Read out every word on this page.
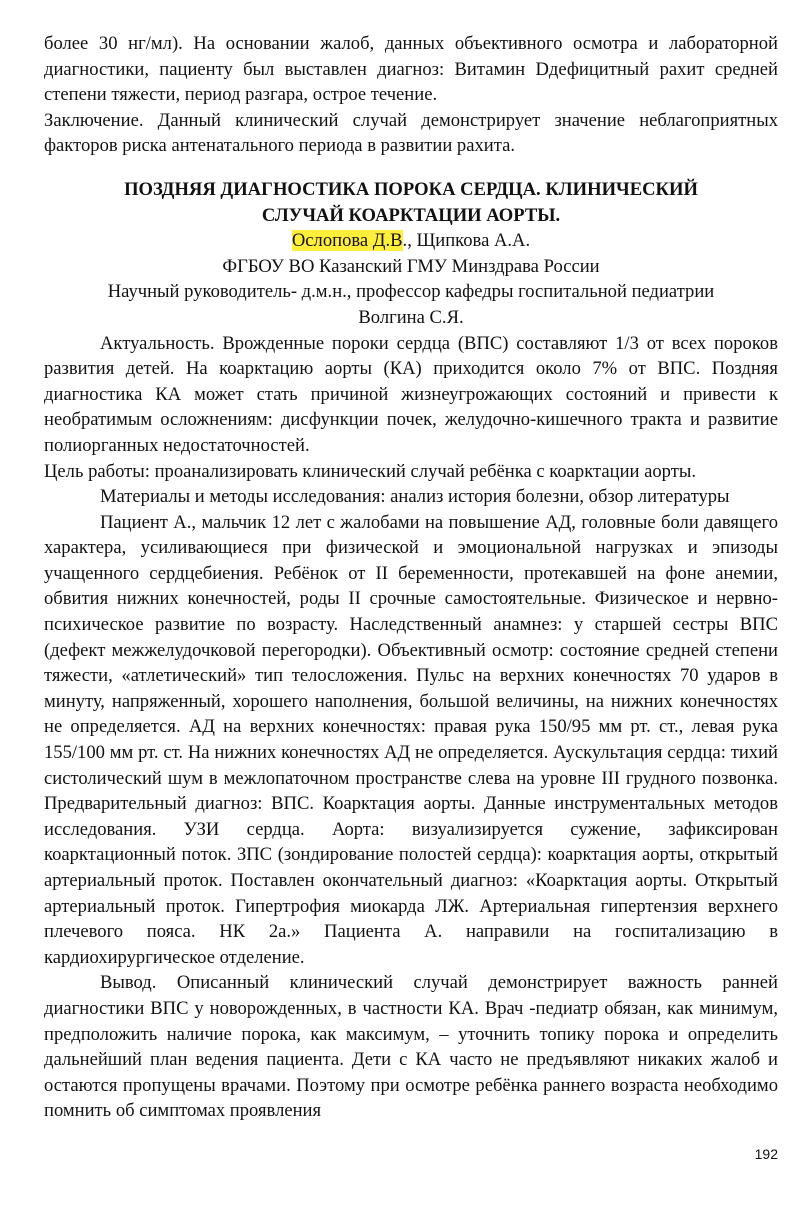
более 30 нг/мл). На основании жалоб, данных объективного осмотра и лабораторной диагностики, пациенту был выставлен диагноз: Витамин Dдефицитный рахит средней степени тяжести, период разгара, острое течение.

Заключение. Данный клинический случай демонстрирует значение неблагоприятных факторов риска антенатального периода в развитии рахита.

ПОЗДНЯЯ ДИАГНОСТИКА ПОРОКА СЕРДЦА. КЛИНИЧЕСКИЙ
СЛУЧАЙ КОАРКТАЦИИ АОРТЫ.

Ослопова Д.В., Щипкова А.А.

ФГБОУ ВО Казанский ГМУ Минздрава России

Научный руководитель- д.м.н., профессор кафедры госпитальной педиатрии
Волгина С.Я.

Актуальность. Врожденные пороки сердца (ВПС) составляют 1/3 от всех пороков развития детей. На коарктацию аорты (КА) приходится около 7% от ВПС. Поздняя диагностика КА может стать причиной жизнеугрожающих состояний и привести к необратимым осложнениям: дисфункции почек, желудочно-кишечного тракта и развитие полиорганных недостаточностей.

Цель работы: проанализировать клинический случай ребёнка с коарктации аорты.

Материалы и методы исследования: анализ история болезни, обзор литературы

Пациент А., мальчик 12 лет с жалобами на повышение АД, головные боли давящего характера, усиливающиеся при физической и эмоциональной нагрузках и эпизоды учащенного сердцебиения. Ребёнок от II беременности, протекавшей на фоне анемии, обвития нижних конечностей, роды II срочные самостоятельные. Физическое и нервно-психическое развитие по возрасту. Наследственный анамнез: у старшей сестры ВПС (дефект межжелудочковой перегородки). Объективный осмотр: состояние средней степени тяжести, «атлетический» тип телосложения. Пульс на верхних конечностях 70 ударов в минуту, напряженный, хорошего наполнения, большой величины, на нижних конечностях не определяется. АД на верхних конечностях: правая рука 150/95 мм рт. ст., левая рука 155/100 мм рт. ст. На нижних конечностях АД не определяется. Аускультация сердца: тихий систолический шум в межлопаточном пространстве слева на уровне III грудного позвонка. Предварительный диагноз: ВПС. Коарктация аорты. Данные инструментальных методов исследования. УЗИ сердца. Аорта: визуализируется сужение, зафиксирован коарктационный поток. ЗПС (зондирование полостей сердца): коарктация аорты, открытый артериальный проток. Поставлен окончательный диагноз: «Коарктация аорты. Открытый артериальный проток. Гипертрофия миокарда ЛЖ. Артериальная гипертензия верхнего плечевого пояса. НК 2а.» Пациента А. направили на госпитализацию в кардиохирургическое отделение.

Вывод. Описанный клинический случай демонстрирует важность ранней диагностики ВПС у новорожденных, в частности КА. Врач -педиатр обязан, как минимум, предположить наличие порока, как максимум, – уточнить топику порока и определить дальнейший план ведения пациента. Дети с КА часто не предъявляют никаких жалоб и остаются пропущены врачами. Поэтому при осмотре ребёнка раннего возраста необходимо помнить об симптомах проявления

192
